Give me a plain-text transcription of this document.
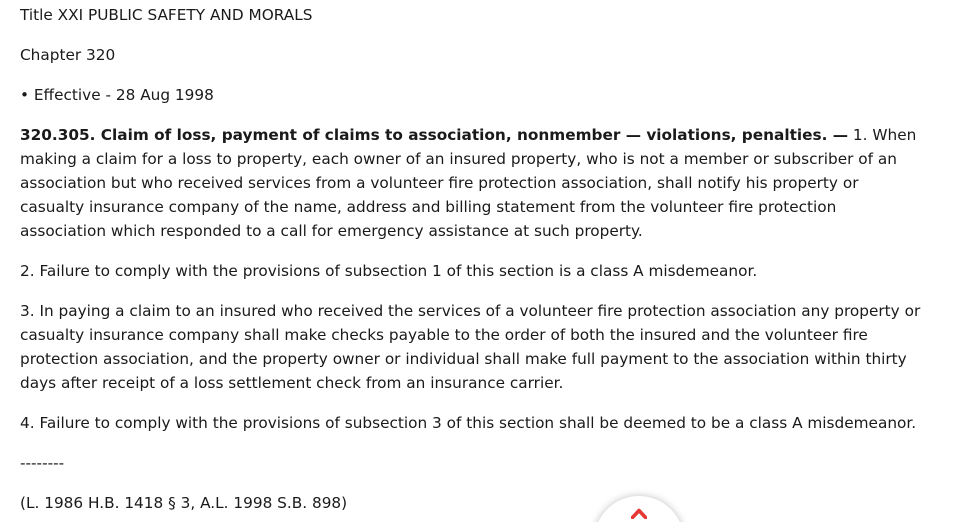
Title XXI PUBLIC SAFETY AND MORALS

Chapter 320

• Effective - 28 Aug 1998

320.305. Claim of loss, payment of claims to association, nonmember — violations, penalties. — 1. When making a claim for a loss to property, each owner of an insured property, who is not a member or subscriber of an association but who received services from a volunteer fire protection association, shall notify his property or casualty insurance company of the name, address and billing statement from the volunteer fire protection association which responded to a call for emergency assistance at such property.

2. Failure to comply with the provisions of subsection 1 of this section is a class A misdemeanor.

3. In paying a claim to an insured who received the services of a volunteer fire protection association any property or casualty insurance company shall make checks payable to the order of both the insured and the volunteer fire protection association, and the property owner or individual shall make full payment to the association within thirty days after receipt of a loss settlement check from an insurance carrier.

4. Failure to comply with the provisions of subsection 3 of this section shall be deemed to be a class A misdemeanor.

--------

(L. 1986 H.B. 1418 § 3, A.L. 1998 S.B. 898)
